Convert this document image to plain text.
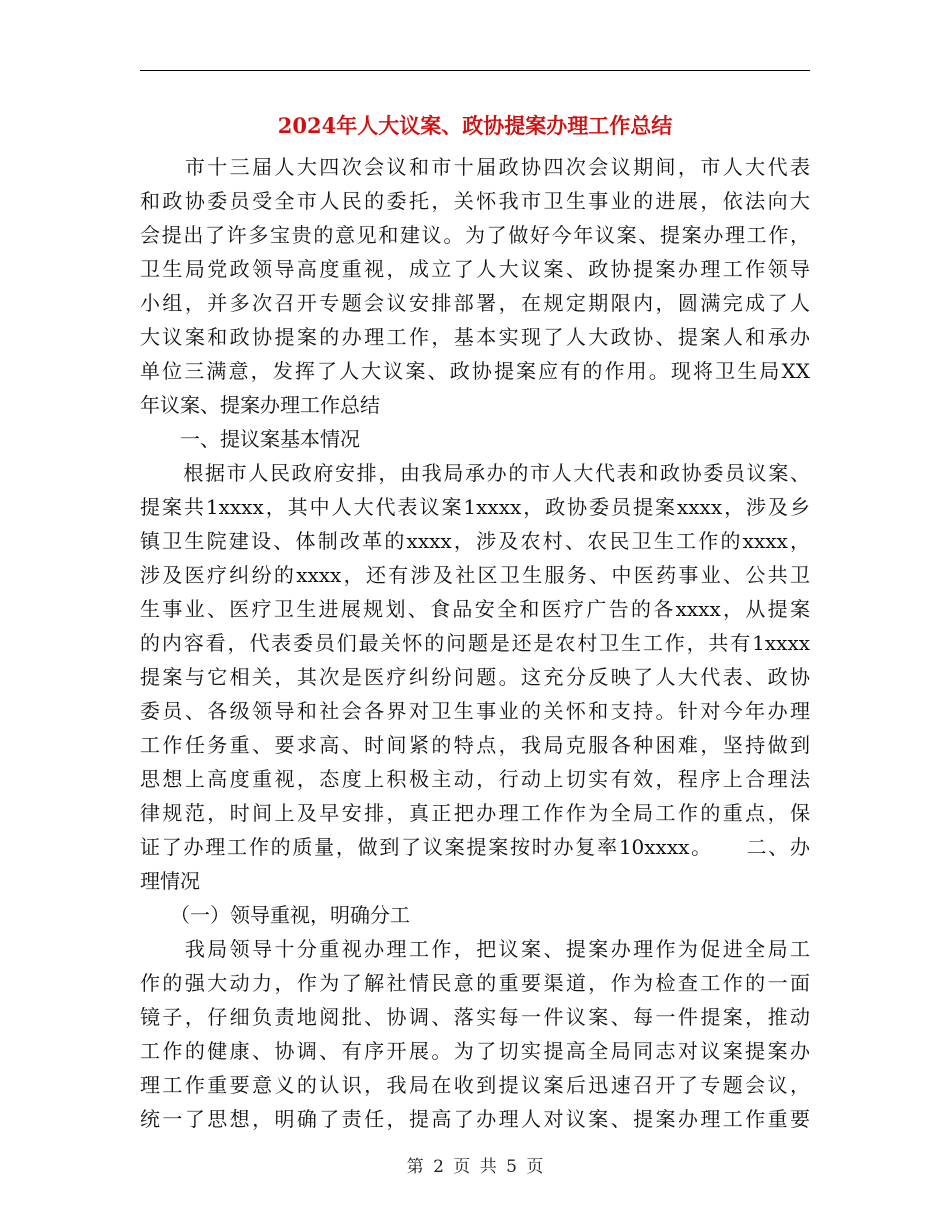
2024年人大议案、政协提案办理工作总结
　　市十三届人大四次会议和市十届政协四次会议期间，市人大代表
和政协委员受全市人民的委托，关怀我市卫生事业的进展，依法向大
会提出了许多宝贵的意见和建议。为了做好今年议案、提案办理工作，
卫生局党政领导高度重视，成立了人大议案、政协提案办理工作领导
小组，并多次召开专题会议安排部署，在规定期限内，圆满完成了人
大议案和政协提案的办理工作，基本实现了人大政协、提案人和承办
单位三满意，发挥了人大议案、政协提案应有的作用。现将卫生局XX
年议案、提案办理工作总结
　　一、提议案基本情况
　　根据市人民政府安排，由我局承办的市人大代表和政协委员议案、
提案共1xxxx，其中人大代表议案1xxxx，政协委员提案xxxx，涉及乡
镇卫生院建设、体制改革的xxxx，涉及农村、农民卫生工作的xxxx，
涉及医疗纠纷的xxxx，还有涉及社区卫生服务、中医药事业、公共卫
生事业、医疗卫生进展规划、食品安全和医疗广告的各xxxx，从提案
的内容看，代表委员们最关怀的问题是还是农村卫生工作，共有1xxxx
提案与它相关，其次是医疗纠纷问题。这充分反映了人大代表、政协
委员、各级领导和社会各界对卫生事业的关怀和支持。针对今年办理
工作任务重、要求高、时间紧的特点，我局克服各种困难，坚持做到
思想上高度重视，态度上积极主动，行动上切实有效，程序上合理法
律规范，时间上及早安排，真正把办理工作作为全局工作的重点，保
证了办理工作的质量，做到了议案提案按时办复率10xxxx。　　二、办
理情况
　　（一）领导重视，明确分工
　　我局领导十分重视办理工作，把议案、提案办理作为促进全局工
作的强大动力，作为了解社情民意的重要渠道，作为检查工作的一面
镜子，仔细负责地阅批、协调、落实每一件议案、每一件提案，推动
工作的健康、协调、有序开展。为了切实提高全局同志对议案提案办
理工作重要意义的认识，我局在收到提议案后迅速召开了专题会议，
统一了思想，明确了责任，提高了办理人对议案、提案办理工作重要
第 2 页 共 5 页
